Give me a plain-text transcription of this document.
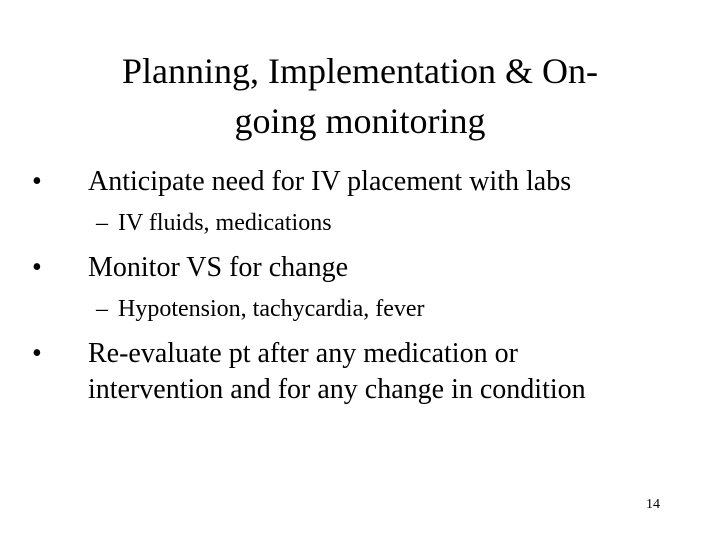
Planning, Implementation & On-
going monitoring
•	Anticipate need for IV placement with labs
– IV fluids, medications
•	Monitor VS for change
– Hypotension, tachycardia, fever
•	Re-evaluate pt after any medication or
intervention and for any change in condition
14
